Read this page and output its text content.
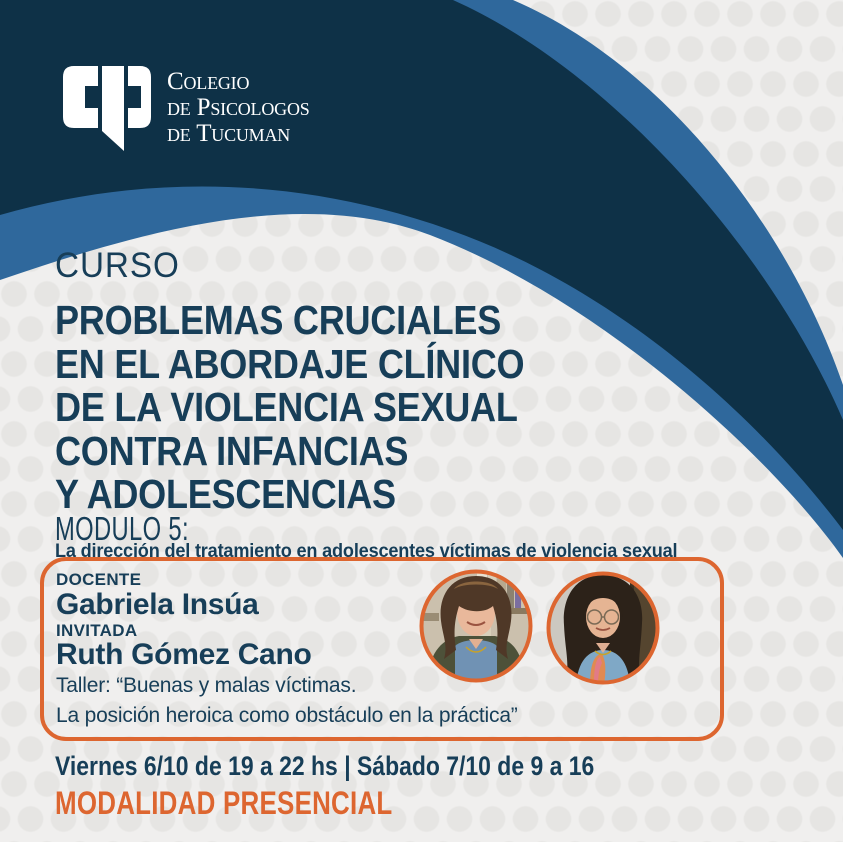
Colegio
de Psicologos
de Tucuman
CURSO
PROBLEMAS CRUCIALES
EN EL ABORDAJE CLÍNICO
DE LA VIOLENCIA SEXUAL
CONTRA INFANCIAS
Y ADOLESCENCIAS
MODULO 5:
La dirección del tratamiento en adolescentes víctimas de violencia sexual
DOCENTE
Gabriela Insúa
INVITADA
Ruth Gómez Cano
Taller: “Buenas y malas víctimas.
La posición heroica como obstáculo en la práctica”
Viernes 6/10 de 19 a 22 hs | Sábado 7/10 de 9 a 16
MODALIDAD PRESENCIAL
